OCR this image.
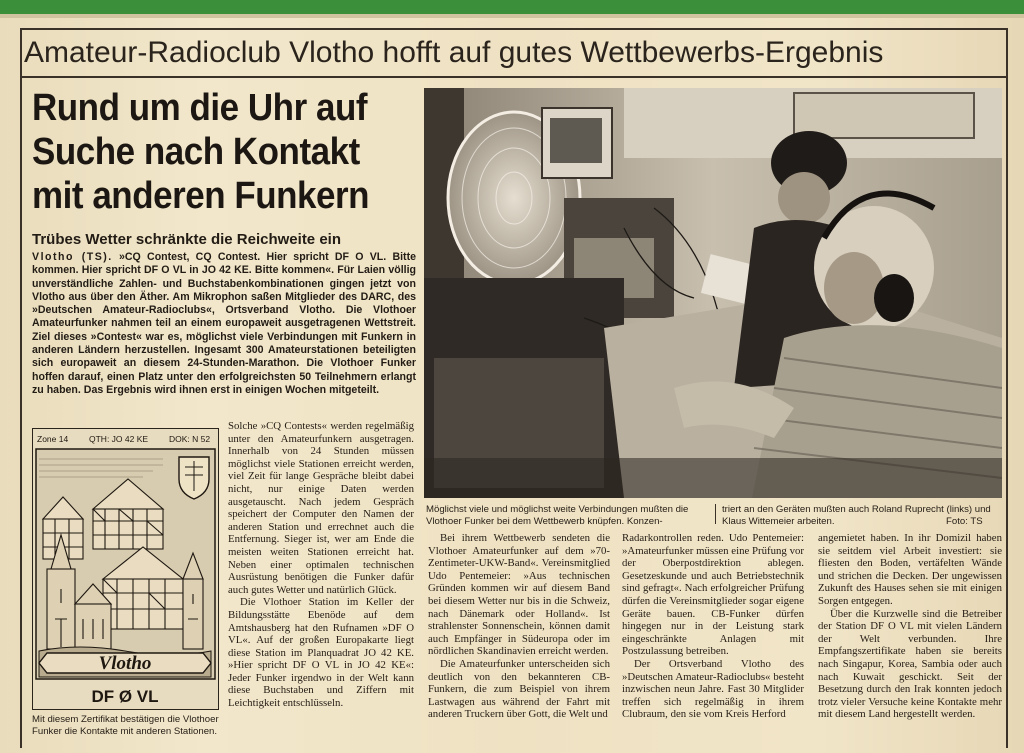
Amateur-Radioclub Vlotho hofft auf gutes Wettbewerbs-Ergebnis
Rund um die Uhr auf
Suche nach Kontakt
mit anderen Funkern
Trübes Wetter schränkte die Reichweite ein
Vlotho (TS). »CQ Contest, CQ Contest. Hier spricht DF O VL. Bitte kommen. Hier spricht DF O VL in JO 42 KE. Bitte kommen«. Für Laien völlig unverständliche Zahlen- und Buchstabenkombinationen gingen jetzt von Vlotho aus über den Äther. Am Mikrophon saßen Mitglieder des DARC, des »Deutschen Amateur-Radioclubs«, Ortsverband Vlotho. Die Vlothoer Amateurfunker nahmen teil an einem europaweit ausgetragenen Wettstreit. Ziel dieses »Contest« war es, möglichst viele Verbindungen mit Funkern in anderen Ländern herzustellen. Ingesamt 300 Amateurstationen beteiligten sich europaweit an diesem 24-Stunden-Marathon. Die Vlothoer Funker hoffen darauf, einen Platz unter den erfolgreichsten 50 Teilnehmern erlangt zu haben. Das Ergebnis wird ihnen erst in einigen Wochen mitgeteilt.
Zone 14 QTH: JO 42 KE DOK: N 52
Vlotho
DF Ø VL
Mit diesem Zertifikat bestätigen die Vlothoer Funker die Kontakte mit anderen Stationen.

Solche »CQ Contests« werden regelmäßig unter den Amateurfunkern ausgetragen. Innerhalb von 24 Stunden müssen möglichst viele Stationen erreicht werden, viel Zeit für lange Gespräche bleibt dabei nicht, nur einige Daten werden ausgetauscht. Nach jedem Gespräch speichert der Computer den Namen der anderen Station und errechnet auch die Entfernung. Sieger ist, wer am Ende die meisten weiten Stationen erreicht hat. Neben einer optimalen technischen Ausrüstung benötigen die Funker dafür auch gutes Wetter und natürlich Glück.

Die Vlothoer Station im Keller der Bildungsstätte Ebenöde auf dem Amtshausberg hat den Rufnamen »DF O VL«. Auf der großen Europakarte liegt diese Station im Planquadrat JO 42 KE. »Hier spricht DF O VL in JO 42 KE«: Jeder Funker irgendwo in der Welt kann diese Buchstaben und Ziffern mit Leichtigkeit entschlüsseln.

Möglichst viele und möglichst weite Verbindungen mußten die Vlothoer Funker bei dem Wettbewerb knüpfen. Konzen-
triert an den Geräten mußten auch Roland Ruprecht (links) und Klaus Wittemeier arbeiten.	Foto: TS

Bei ihrem Wettbewerb sendeten die Vlothoer Amateurfunker auf dem »70-Zentimeter-UKW-Band«. Vereinsmitglied Udo Pentemeier: »Aus technischen Gründen kommen wir auf diesem Band bei diesem Wetter nur bis in die Schweiz, nach Dänemark oder Holland«. Ist strahlenster Sonnenschein, können damit auch Empfänger in Südeuropa oder im nördlichen Skandinavien erreicht werden.

Die Amateurfunker unterscheiden sich deutlich von den bekannteren CB-Funkern, die zum Beispiel von ihrem Lastwagen aus während der Fahrt mit anderen Truckern über Gott, die Welt und

Radarkontrollen reden. Udo Pentemeier: »Amateurfunker müssen eine Prüfung vor der Oberpostdirektion ablegen. Gesetzeskunde und auch Betriebstechnik sind gefragt«. Nach erfolgreicher Prüfung dürfen die Vereinsmitglieder sogar eigene Geräte bauen. CB-Funker dürfen hingegen nur in der Leistung stark eingeschränkte Anlagen mit Postzulassung betreiben.

Der Ortsverband Vlotho des »Deutschen Amateur-Radioclubs« besteht inzwischen neun Jahre. Fast 30 Mitglider treffen sich regelmäßig in ihrem Clubraum, den sie vom Kreis Herford

angemietet haben. In ihr Domizil haben sie seitdem viel Arbeit investiert: sie fliesten den Boden, vertäfelten Wände und strichen die Decken. Der ungewissen Zukunft des Hauses sehen sie mit einigen Sorgen entgegen.

Über die Kurzwelle sind die Betreiber der Station DF O VL mit vielen Ländern der Welt verbunden. Ihre Empfangszertifikate haben sie bereits nach Singapur, Korea, Sambia oder auch nach Kuwait geschickt. Seit der Besetzung durch den Irak konnten jedoch trotz vieler Versuche keine Kontakte mehr mit diesem Land hergestellt werden.
